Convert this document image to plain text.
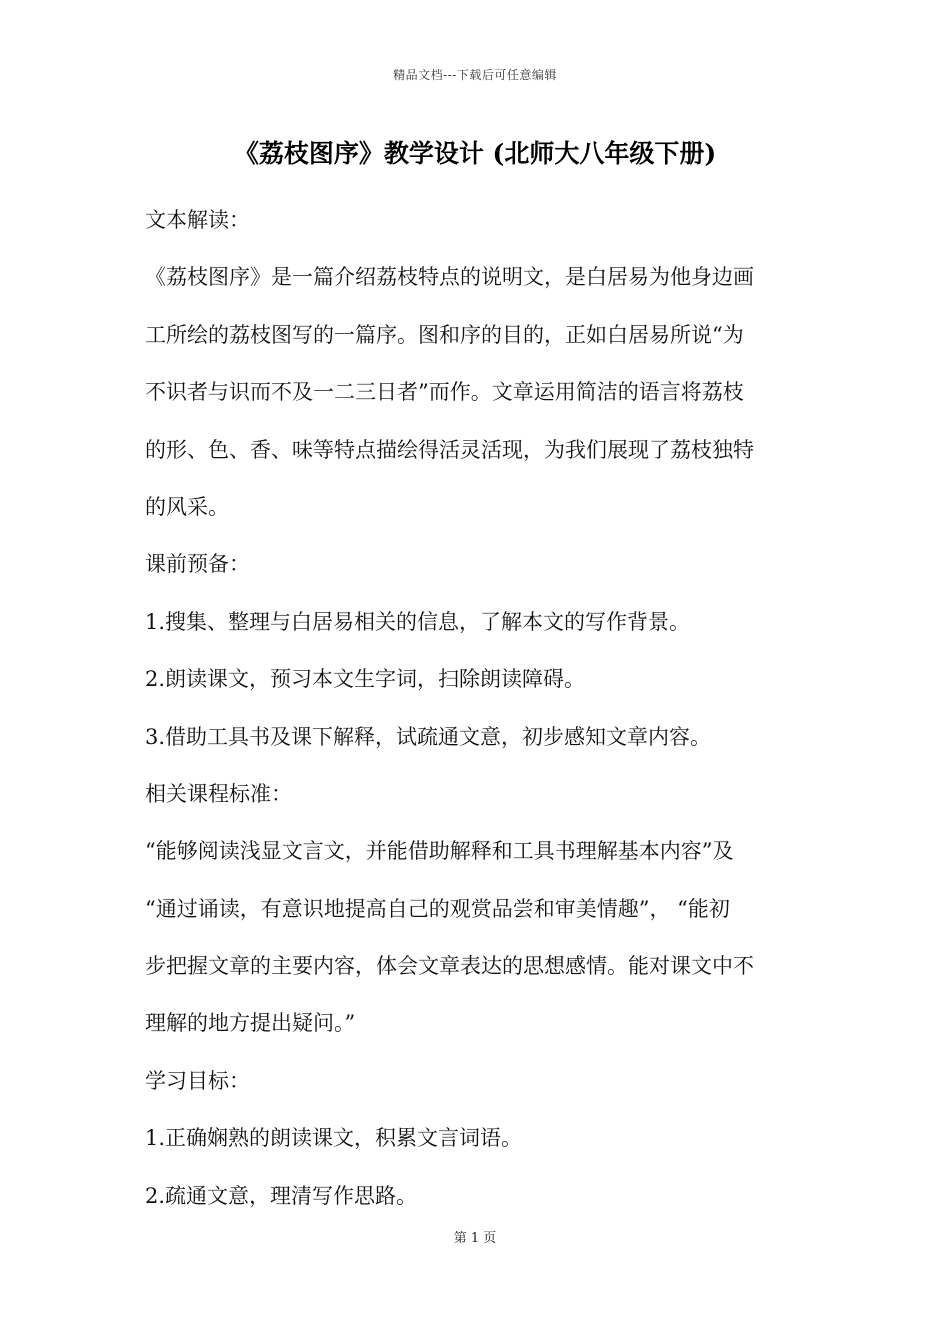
精品文档---下载后可任意编辑
《荔枝图序》教学设计 (北师大八年级下册)
文本解读：
《荔枝图序》是一篇介绍荔枝特点的说明文，是白居易为他身边画
工所绘的荔枝图写的一篇序。图和序的目的，正如白居易所说“为
不识者与识而不及一二三日者”而作。文章运用简洁的语言将荔枝
的形、色、香、味等特点描绘得活灵活现，为我们展现了荔枝独特
的风采。
课前预备：
1.搜集、整理与白居易相关的信息，了解本文的写作背景。
2.朗读课文，预习本文生字词，扫除朗读障碍。
3.借助工具书及课下解释，试疏通文意，初步感知文章内容。
相关课程标准：
“能够阅读浅显文言文，并能借助解释和工具书理解基本内容”及
“通过诵读，有意识地提高自己的观赏品尝和审美情趣”， “能初
步把握文章的主要内容，体会文章表达的思想感情。能对课文中不
理解的地方提出疑问。”
学习目标：
1.正确娴熟的朗读课文，积累文言词语。
2.疏通文意，理清写作思路。
第 1 页
